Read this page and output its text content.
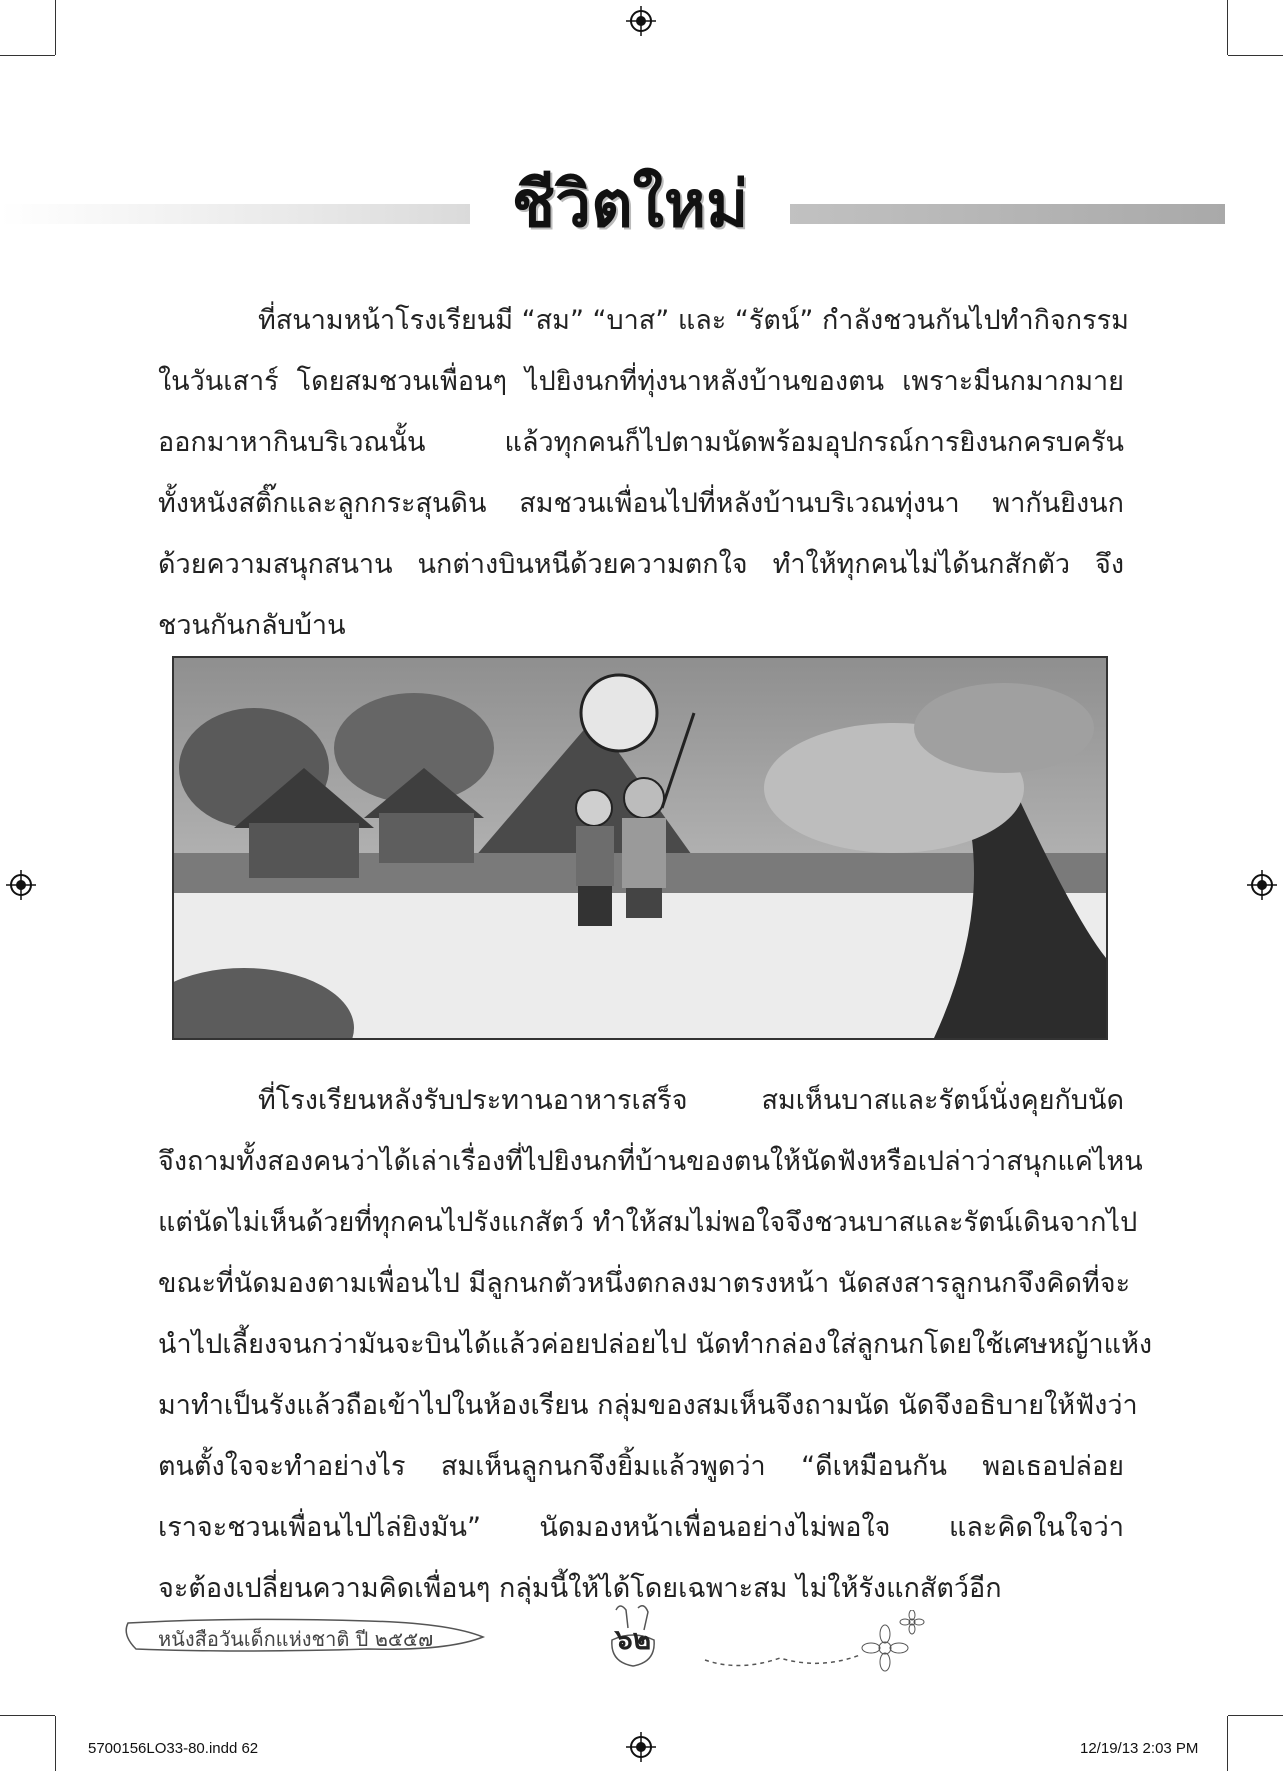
ชีวิตใหม่
ที่สนามหน้าโรงเรียนมี “สม” “บาส” และ “รัตน์” กำลังชวนกันไปทำกิจกรรม
ในวันเสาร์ โดยสมชวนเพื่อนๆ ไปยิงนกที่ทุ่งนาหลังบ้านของตน เพราะมีนกมากมาย
ออกมาหากินบริเวณนั้น แล้วทุกคนก็ไปตามนัดพร้อมอุปกรณ์การยิงนกครบครัน
ทั้งหนังสติ๊กและลูกกระสุนดิน สมชวนเพื่อนไปที่หลังบ้านบริเวณทุ่งนา พากันยิงนก
ด้วยความสนุกสนาน นกต่างบินหนีด้วยความตกใจ ทำให้ทุกคนไม่ได้นกสักตัว จึง
ชวนกันกลับบ้าน
ที่โรงเรียนหลังรับประทานอาหารเสร็จ สมเห็นบาสและรัตน์นั่งคุยกับนัด
จึงถามทั้งสองคนว่าได้เล่าเรื่องที่ไปยิงนกที่บ้านของตนให้นัดฟังหรือเปล่าว่าสนุกแค่ไหน
แต่นัดไม่เห็นด้วยที่ทุกคนไปรังแกสัตว์ ทำให้สมไม่พอใจจึงชวนบาสและรัตน์เดินจากไป
ขณะที่นัดมองตามเพื่อนไป มีลูกนกตัวหนึ่งตกลงมาตรงหน้า นัดสงสารลูกนกจึงคิดที่จะ
นำไปเลี้ยงจนกว่ามันจะบินได้แล้วค่อยปล่อยไป นัดทำกล่องใส่ลูกนกโดยใช้เศษหญ้าแห้ง
มาทำเป็นรังแล้วถือเข้าไปในห้องเรียน กลุ่มของสมเห็นจึงถามนัด นัดจึงอธิบายให้ฟังว่า
ตนตั้งใจจะทำอย่างไร สมเห็นลูกนกจึงยิ้มแล้วพูดว่า “ดีเหมือนกัน พอเธอปล่อย
เราจะชวนเพื่อนไปไล่ยิงมัน” นัดมองหน้าเพื่อนอย่างไม่พอใจ และคิดในใจว่า
จะต้องเปลี่ยนความคิดเพื่อนๆ กลุ่มนี้ให้ได้โดยเฉพาะสม ไม่ให้รังแกสัตว์อีก
หนังสือวันเด็กแห่งชาติ ปี ๒๕๕๗	๖๒
5700156LO33-80.indd 62	12/19/13 2:03 PM
